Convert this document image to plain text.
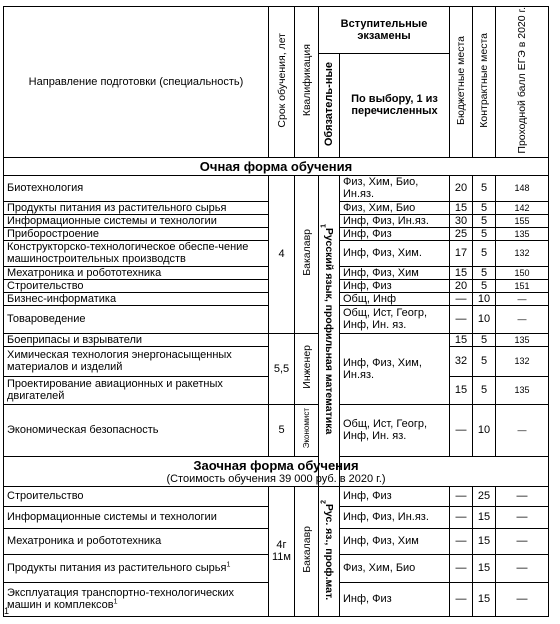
Направление подготовки (специальность)	Срок обучения, лет	Квалификация	Вступительные экзамены		Бюджетные места	Контрактные места	Проходной балл ЕГЭ в 2020 г.
			Обязатель-ные	По выбору, 1 из перечисленных			
Очная форма обучения							
Биотехнология	4	Бакалавр	Русский язык, профильная математика$^1$	Физ, Хим, Био, Ин.яз.	20	5	148
Продукты питания из растительного сырья				Физ, Хим, Био	15	5	142
Информационные системы и технологии				Инф, Физ, Ин.яз.	30	5	155
Приборостроение				Инф, Физ	25	5	135
Конструкторско-технологическое обеспе-чение машиностроительных производств				Инф, Физ, Хим.	17	5	132
Мехатроника и робототехника				Инф, Физ, Хим	15	5	150
Строительство				Инф, Физ	20	5	151
Бизнес-информатика				Общ, Инф	—	10	—
Товароведение				Общ, Ист, Геогр, Инф, Ин. яз.	—	10	—
Боеприпасы и взрыватели	5,5	Инженер		Инф, Физ, Хим, Ин.яз.	15	5	135
Химическая технология энергонасыщенных материалов и изделий					32	5	132
Проектирование авиационных и ракетных двигателей					15	5	135
Экономическая безопасность	5	Экономист		Общ, Ист, Геогр, Инф, Ин. яз.	—	10	—
Заочная форма обучения
(Стоимость обучения 39 000 руб. в 2020 г.)							

Строительство	4г 11м	Бакалавр	Рус. яз., проф.мат.$^2$	Инф, Физ	—	25	—
Информационные системы и технологии				Инф, Физ, Ин.яз.	—	15	—
Мехатроника и робототехника				Инф, Физ, Хим	—	15	—
Продукты питания из растительного сырья$^1$				Физ, Хим, Био	—	15	—
Эксплуатация транспортно-технологических машин и комплексов$^1$				Инф, Физ	—	15	—
1
